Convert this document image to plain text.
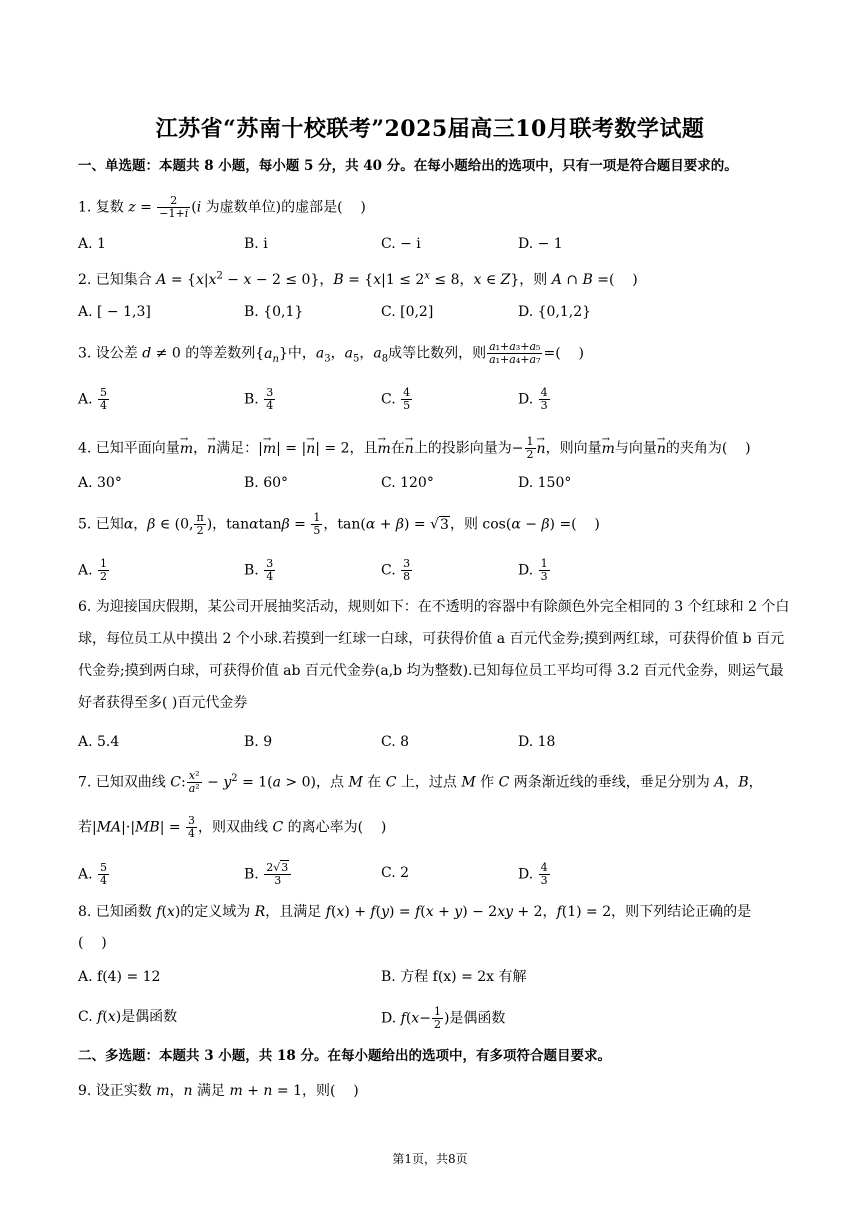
江苏省“苏南十校联考”2025届高三10月联考数学试题
一、单选题：本题共 8 小题，每小题 5 分，共 40 分。在每小题给出的选项中，只有一项是符合题目要求的。
1. 复数 $z = \frac{2}{-1+i} (i$ 为虚数单位)的虚部是(    )
A. 1	B. i	C. − i	D. − 1
2. 已知集合 $A = \{x|x^2 - x - 2 \le 0\}$，$B = \{x|1 \le 2^x \le 8$，x ∈ Z}，则 A ∩ B =(    )
A. [ − 1,3]	B. {0,1}	C. [0,2]	D. {0,1,2}
3. 设公差 d ≠ 0 的等差数列$\{a_n\}$中，$a_3$，$a_5$，$a_8$成等比数列，则 $\frac{\text{a₁+a₃+a₅}}{\text{a₁+a₄+a₇}}$ =(    )
A. $\frac{5}{4}$	B. $\frac{3}{4}$	C. $\frac{4}{5}$	D. $\frac{4}{3}$
4. 已知平面向量m →，n →满足：|m →| = |n →| = 2，且m →在n →上的投影向量为− $\frac{1}{2}$ n →，则向量m →与向量n →的夹角为(    )
A. 30°	B. 60°	C. 120°	D. 150°
5. 已知α，β ∈ (0, $\frac{\pi}{2}$ )，$\tan\alpha\tan\beta = \frac{1}{5}$ ，tan(α + β) = √3，则 cos(α − β) =(    )
A. $\frac{1}{2}$	B. $\frac{3}{4}$	C. $\frac{3}{8}$	D. $\frac{1}{3}$
6. 为迎接国庆假期，某公司开展抽奖活动，规则如下：在不透明的容器中有除颜色外完全相同的 3 个红球和 2 个白球，每位员工从中摸出 2 个小球.若摸到一红球一白球，可获得价值 a 百元代金券;摸到两红球，可获得价值 b 百元代金券;摸到两白球，可获得价值 ab 百元代金券(a,b 均为整数).已知每位员工平均可得 3.2 百元代金券，则运气最好者获得至多( )百元代金券
A. 5.4	B. 9	C. 8	D. 18
7. 已知双曲线 C: $\frac{\text{x²}}{\text{a²}} - y^2 = 1(a > 0)$，点 M 在 C 上，过点 M 作 C 两条渐近线的垂线，垂足分别为 A，B，
若$|MA|\cdot|MB| = \frac{3}{4}$ ，则双曲线 C 的离心率为(    )
A. $\frac{5}{4}$	B. $\frac{2√3}{3}$	C. 2	D. $\frac{4}{3}$
8. 已知函数 f(x)的定义域为 R，且满足 f(x) + f(y) = f(x + y) − 2xy + 2，f(1) = 2，则下列结论正确的是
(    )
A. f(4) = 12	B. 方程 f(x) = 2x 有解
C. f(x)是偶函数	D. $f(x- \frac{1}{2}$ )是偶函数
二、多选题：本题共 3 小题，共 18 分。在每小题给出的选项中，有多项符合题目要求。
9. 设正实数 m，n 满足 m + n = 1，则(    )
第1页，共8页
